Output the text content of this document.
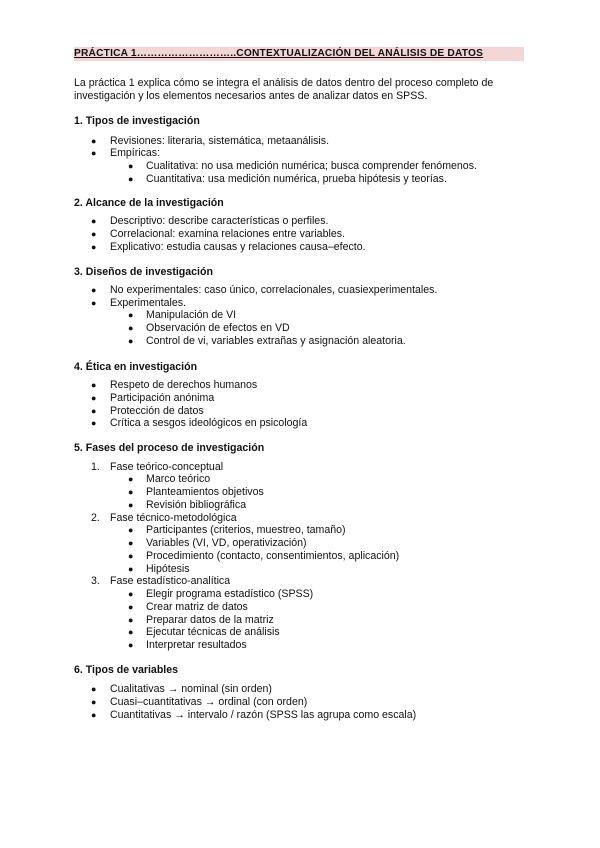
PRÁCTICA 1………………………..CONTEXTUALIZACIÓN DEL ANÁLISIS DE DATOS
La práctica 1 explica cómo se integra el análisis de datos dentro del proceso completo de investigación y los elementos necesarios antes de analizar datos en SPSS.
1. Tipos de investigación
● Revisiones: literaria, sistemática, metaanálisis.
● Empíricas:
● Cualitativa: no usa medición numérica; busca comprender fenómenos.
● Cuantitativa: usa medición numérica, prueba hipótesis y teorías.
2. Alcance de la investigación
● Descriptivo: describe características o perfiles.
● Correlacional: examina relaciones entre variables.
● Explicativo: estudia causas y relaciones causa–efecto.
3. Diseños de investigación
● No experimentales: caso único, correlacionales, cuasiexperimentales.
● Experimentales.
● Manipulación de VI
● Observación de efectos en VD
● Control de vi, variables extrañas y asignación aleatoria.
4. Ética en investigación
● Respeto de derechos humanos
● Participación anónima
● Protección de datos
● Crítica a sesgos ideológicos en psicología
5. Fases del proceso de investigación
1. Fase teórico-conceptual
● Marco teórico
● Planteamientos objetivos
● Revisión bibliográfica
2. Fase técnico-metodológica
● Participantes (criterios, muestreo, tamaño)
● Variables (VI, VD, operativización)
● Procedimiento (contacto, consentimientos, aplicación)
● Hipótesis
3. Fase estadístico-analítica
● Elegir programa estadístico (SPSS)
● Crear matriz de datos
● Preparar datos de la matriz
● Ejecutar técnicas de análisis
● Interpretar resultados
6. Tipos de variables
● Cualitativas → nominal (sin orden)
● Cuasi–cuantitativas → ordinal (con orden)
● Cuantitativas → intervalo / razón (SPSS las agrupa como escala)
